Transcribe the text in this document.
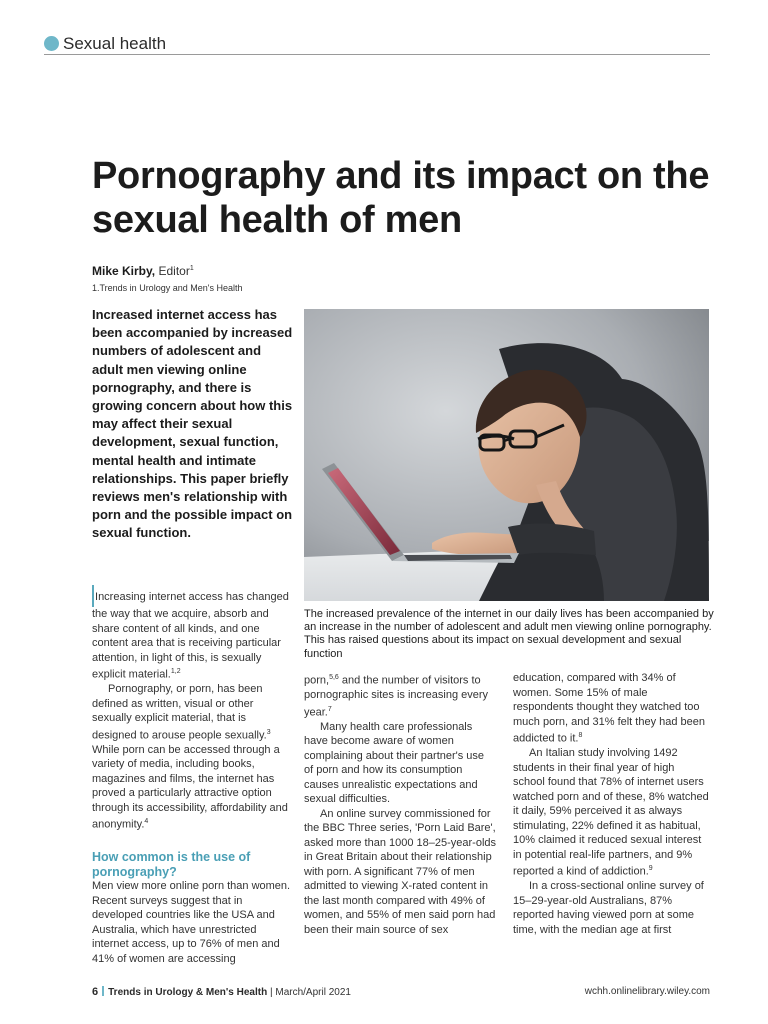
Sexual health
Pornography and its impact on the sexual health of men
Mike Kirby, Editor$^1$
1.Trends in Urology and Men's Health

Increased internet access has been accompanied by increased numbers of adolescent and adult men viewing online pornography, and there is growing concern about how this may affect their sexual development, sexual function, mental health and intimate relationships. This paper briefly reviews men's relationship with porn and the possible impact on sexual function.

The increased prevalence of the internet in our daily lives has been accompanied by an increase in the number of adolescent and adult men viewing online pornography. This has raised questions about its impact on sexual development and sexual function

Increasing internet access has changed the way that we acquire, absorb and share content of all kinds, and one content area that is receiving particular attention, in light of this, is sexually explicit material.$^{1,2}$

Pornography, or porn, has been defined as written, visual or other sexually explicit material, that is designed to arouse people sexually.$^3$ While porn can be accessed through a variety of media, including books, magazines and films, the internet has proved a particularly attractive option through its accessibility, affordability and anonymity.$^4$

How common is the use of pornography?

Men view more online porn than women. Recent surveys suggest that in developed countries like the USA and Australia, which have unrestricted internet access, up to 76% of men and 41% of women are accessing

porn,$^{5,6}$ and the number of visitors to pornographic sites is increasing every year.$^7$

Many health care professionals have become aware of women complaining about their partner's use of porn and how its consumption causes unrealistic expectations and sexual difficulties.

An online survey commissioned for the BBC Three series, 'Porn Laid Bare', asked more than 1000 18–25-year-olds in Great Britain about their relationship with porn. A significant 77% of men admitted to viewing X-rated content in the last month compared with 49% of women, and 55% of men said porn had been their main source of sex

education, compared with 34% of women. Some 15% of male respondents thought they watched too much porn, and 31% felt they had been addicted to it.$^8$

An Italian study involving 1492 students in their final year of high school found that 78% of internet users watched porn and of these, 8% watched it daily, 59% perceived it as always stimulating, 22% defined it as habitual, 10% claimed it reduced sexual interest in potential real-life partners, and 9% reported a kind of addiction.$^9$

In a cross-sectional online survey of 15–29-year-old Australians, 87% reported having viewed porn at some time, with the median age at first

6 Trends in Urology & Men's Health | March/April 2021	wchh.onlinelibrary.wiley.com
